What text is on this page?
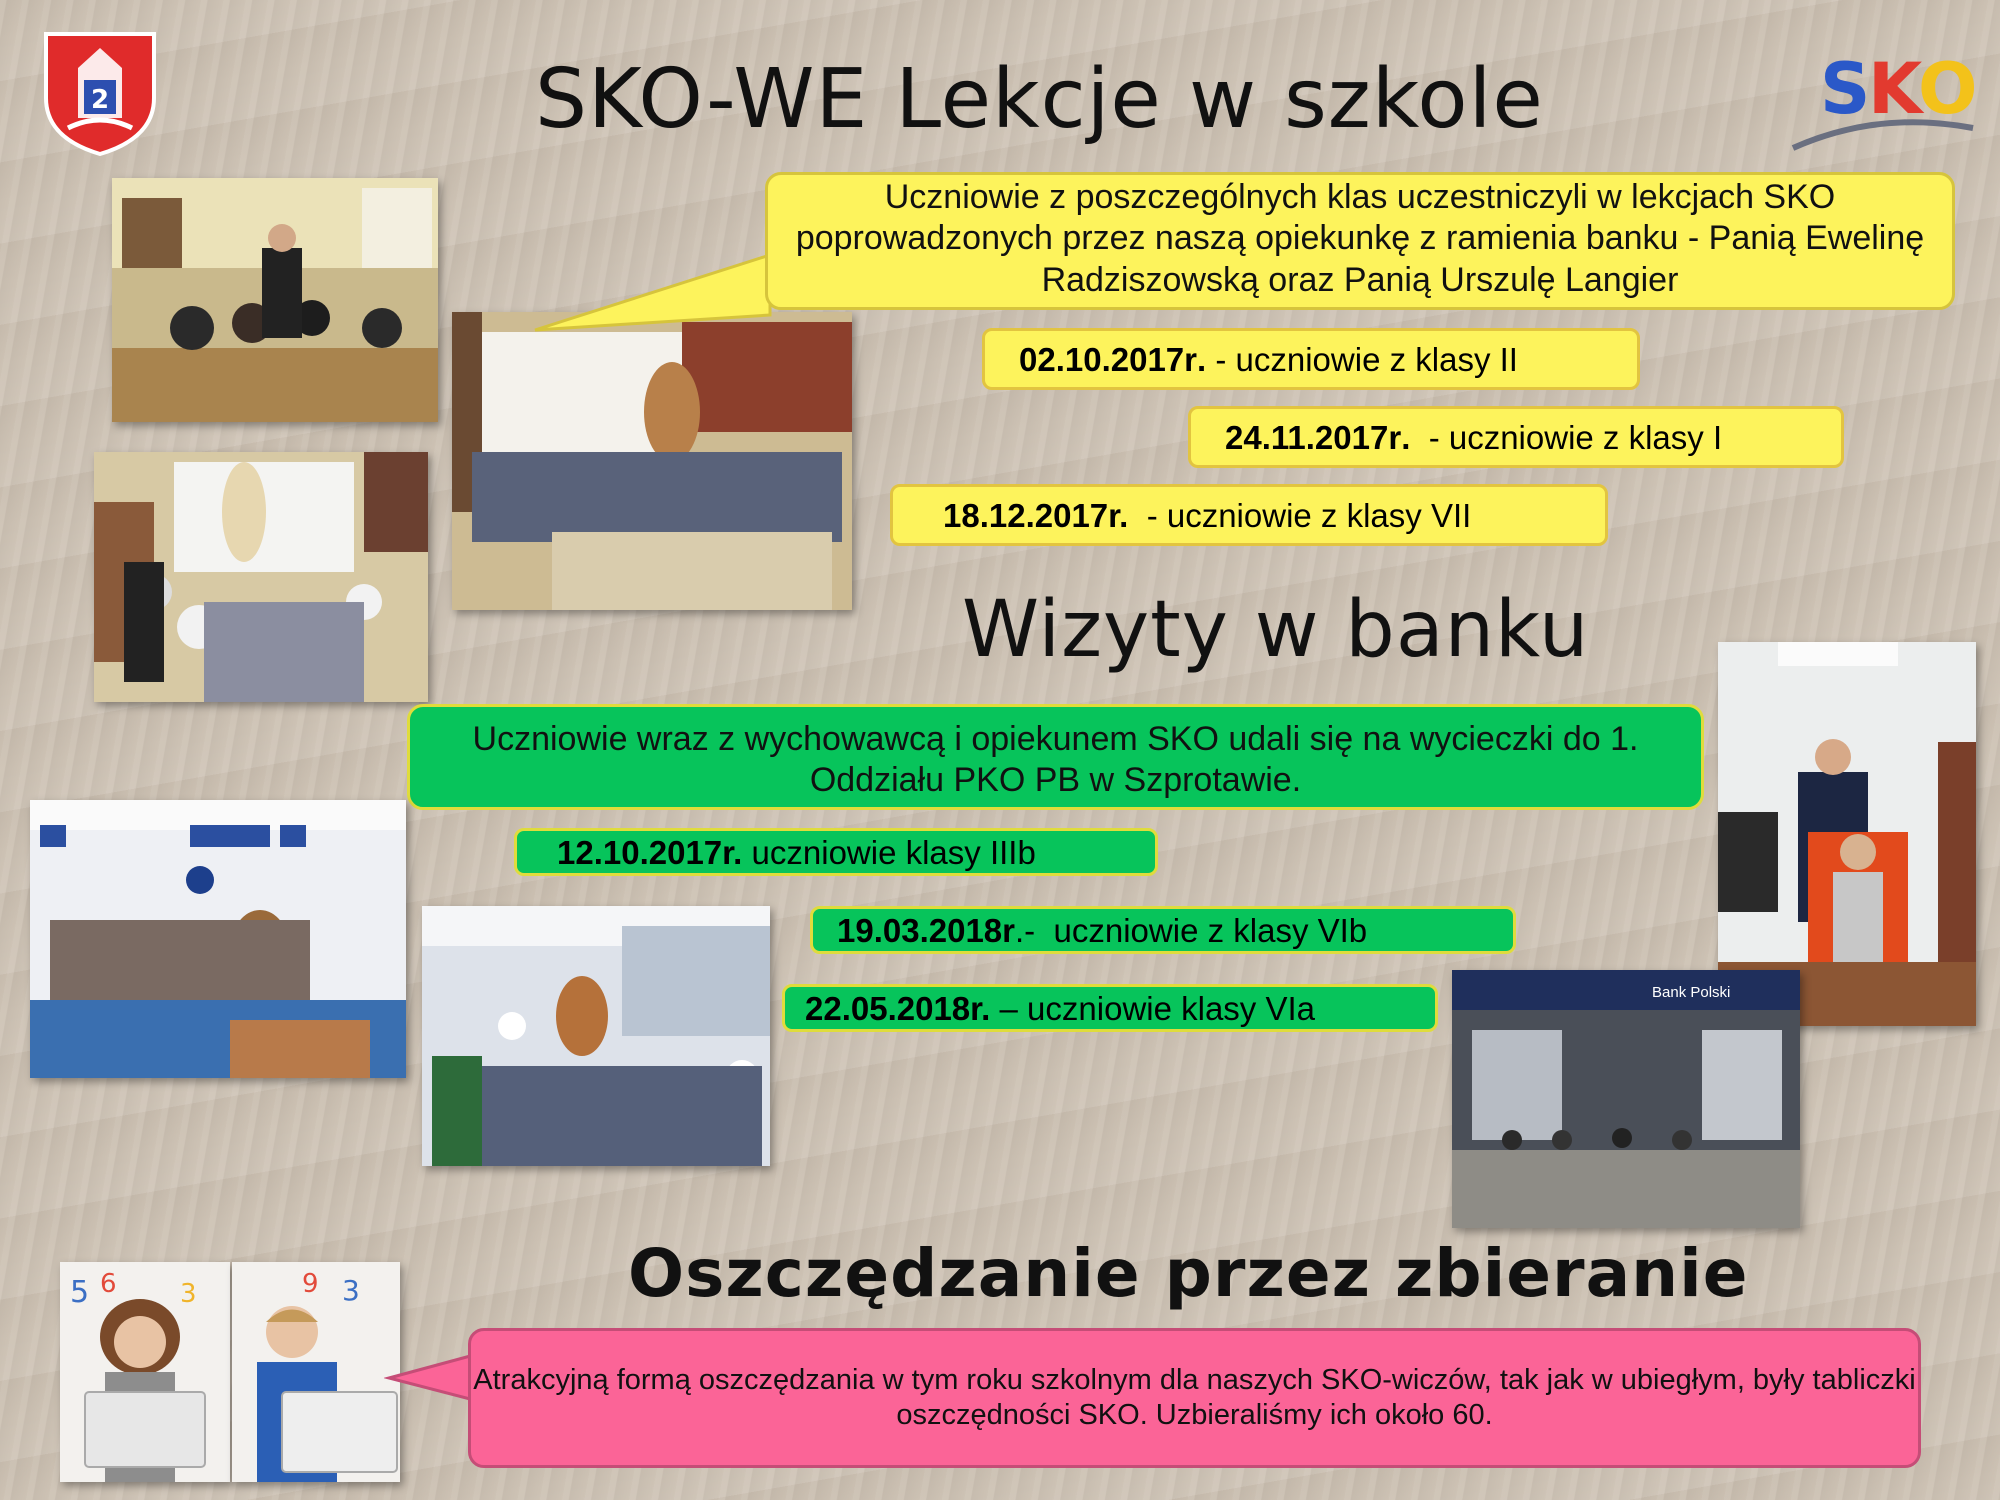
2	S
K
O
SKO-WE Lekcje w szkole
Uczniowie z poszczególnych klas uczestniczyli w lekcjach SKO poprowadzonych przez naszą opiekunkę z ramienia banku - Panią Ewelinę Radziszowską oraz Panią Urszulę Langier
02.10.2017r . - uczniowie z klasy II
24.11.2017r . - uczniowie z klasy I
18.12.2017r. - uczniowie z klasy VII
Wizyty w banku
Uczniowie wraz z wychowawcą i opiekunem SKO udali się na wycieczki do 1. Oddziału PKO PB w Szprotawie.
Bank Polski
12.10.2017r. uczniowie klasy IIIb
19.03.2018r .-  uczniowie z klasy VIb
22.05.2018r. – uczniowie klasy VIa
Oszczędzanie przez zbieranie
5 6 3	9 3
Atrakcyjną formą oszczędzania w tym roku szkolnym dla naszych SKO-wiczów, tak jak w ubiegłym, były tabliczki oszczędności SKO. Uzbieraliśmy ich około 60.
